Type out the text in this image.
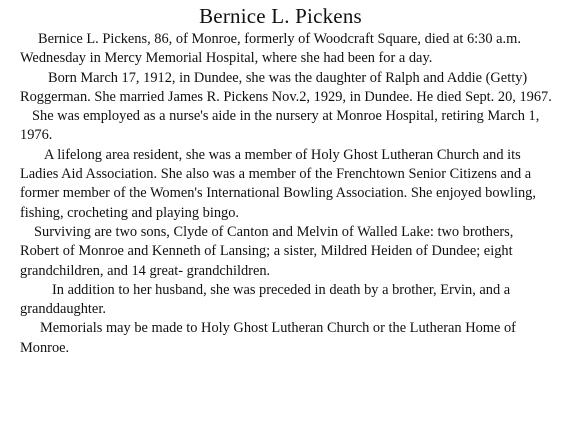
Bernice L. Pickens

Bernice L. Pickens, 86, of Monroe, formerly of Woodcraft Square, died at 6:30 a.m. Wednesday in Mercy Memorial Hospital, where she had been for a day.

Born March 17, 1912, in Dundee, she was the daughter of Ralph and Addie (Getty) Roggerman. She married James R. Pickens Nov.2, 1929, in Dundee. He died Sept. 20, 1967.

She was employed as a nurse's aide in the nursery at Monroe Hospital, retiring March 1, 1976.

A lifelong area resident, she was a member of Holy Ghost Lutheran Church and its Ladies Aid Association. She also was a member of the Frenchtown Senior Citizens and a former member of the Women's International Bowling Association. She enjoyed bowling, fishing, crocheting and playing bingo.

Surviving are two sons, Clyde of Canton and Melvin of Walled Lake: two brothers, Robert of Monroe and Kenneth of Lansing; a sister, Mildred Heiden of Dundee; eight grandchildren, and 14 great- grandchildren.

In addition to her husband, she was preceded in death by a brother, Ervin, and a granddaughter.

Memorials may be made to Holy Ghost Lutheran Church or the Lutheran Home of Monroe.
